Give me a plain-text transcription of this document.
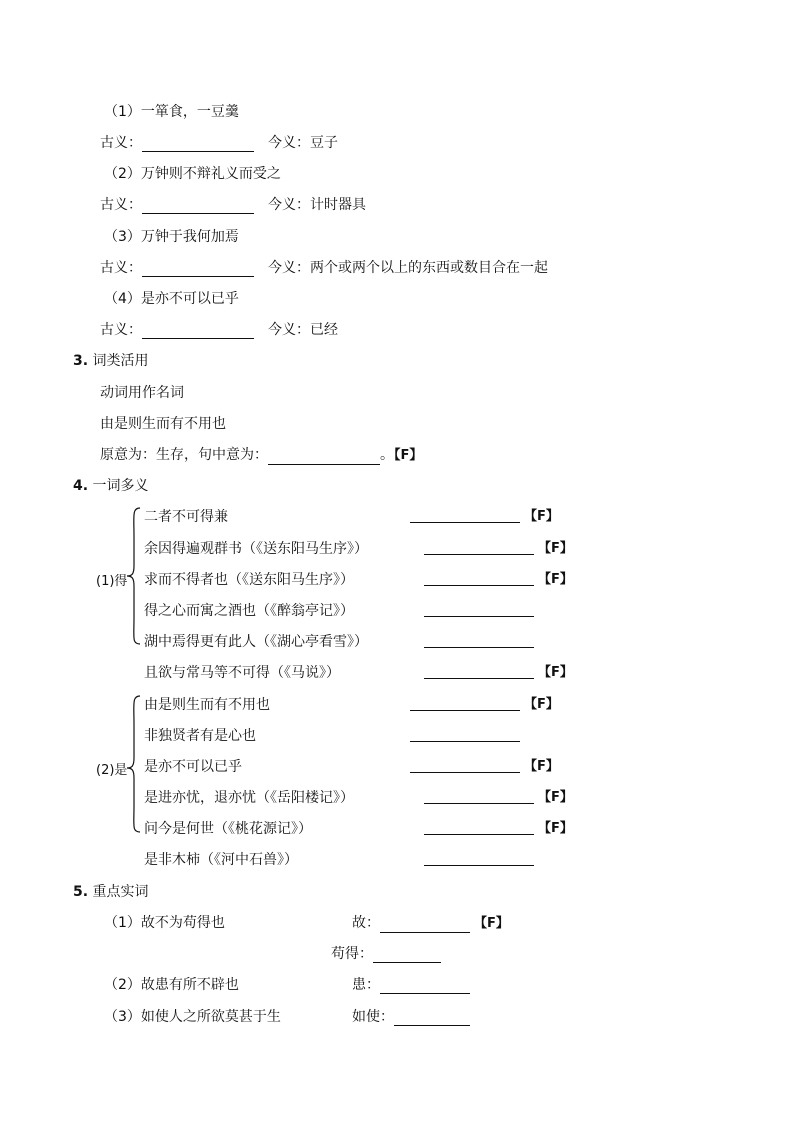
（1）一箪食，一豆羹
古义：	今义：豆子
（2）万钟则不辩礼义而受之
古义：	今义：计时器具
（3）万钟于我何加焉
古义：	今义：两个或两个以上的东西或数目合在一起
（4）是亦不可以已乎
古义：	今义：已经
3. 词类活用
动词用作名词
由是则生而有不用也
原意为：生存，句中意为：	。【F】
4. 一词多义
(1)得
二者不可得兼	【F】
余因得遍观群书（《送东阳马生序》）	【F】
求而不得者也（《送东阳马生序》）	【F】
得之心而寓之酒也（《醉翁亭记》）
湖中焉得更有此人（《湖心亭看雪》）
且欲与常马等不可得（《马说》）	【F】
(2)是
由是则生而有不用也	【F】
非独贤者有是心也
是亦不可以已乎	【F】
是进亦忧，退亦忧（《岳阳楼记》）	【F】
问今是何世（《桃花源记》）	【F】
是非木柿（《河中石兽》）
5. 重点实词
（1）故不为苟得也	故：	【F】
苟得：
（2）故患有所不辟也	患：
（3）如使人之所欲莫甚于生	如使：
